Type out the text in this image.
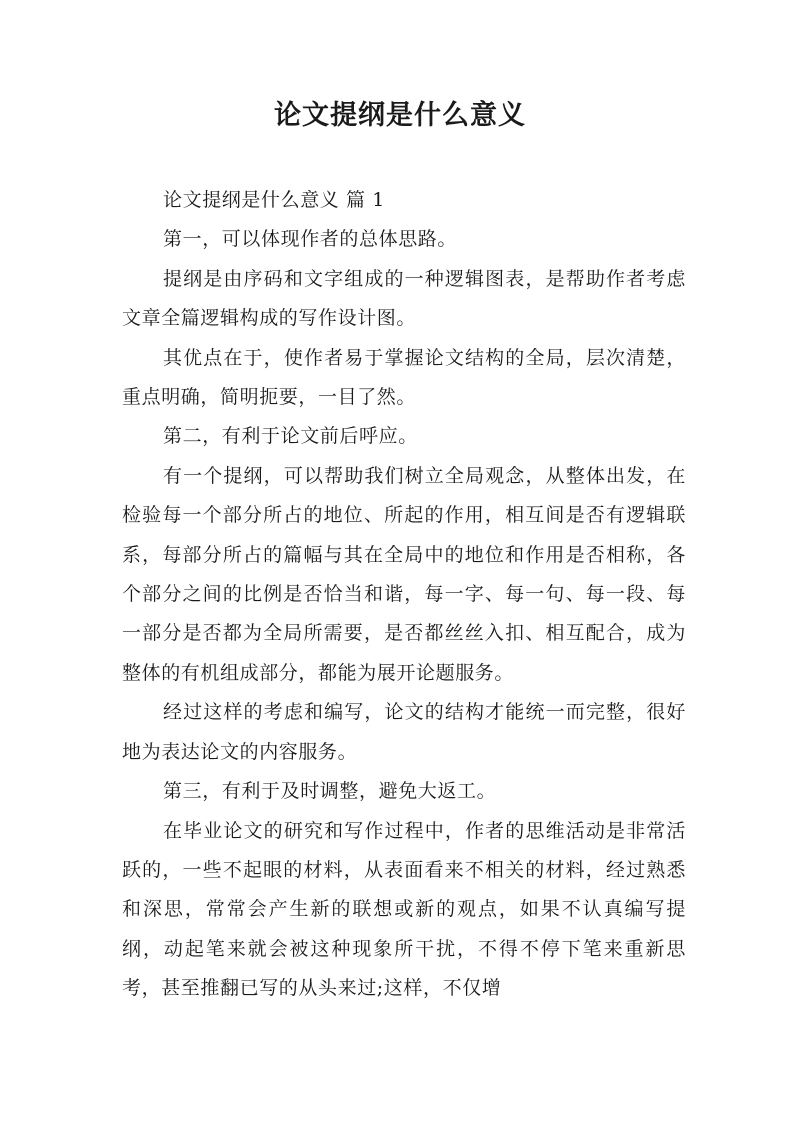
论文提纲是什么意义

论文提纲是什么意义 篇 1

第一，可以体现作者的总体思路。

提纲是由序码和文字组成的一种逻辑图表，是帮助作者考虑文章全篇逻辑构成的写作设计图。

其优点在于，使作者易于掌握论文结构的全局，层次清楚，重点明确，简明扼要，一目了然。

第二，有利于论文前后呼应。

有一个提纲，可以帮助我们树立全局观念，从整体出发，在检验每一个部分所占的地位、所起的作用，相互间是否有逻辑联系，每部分所占的篇幅与其在全局中的地位和作用是否相称，各个部分之间的比例是否恰当和谐，每一字、每一句、每一段、每一部分是否都为全局所需要，是否都丝丝入扣、相互配合，成为整体的有机组成部分，都能为展开论题服务。

经过这样的考虑和编写，论文的结构才能统一而完整，很好地为表达论文的内容服务。

第三，有利于及时调整，避免大返工。

在毕业论文的研究和写作过程中，作者的思维活动是非常活跃的，一些不起眼的材料，从表面看来不相关的材料，经过熟悉和深思，常常会产生新的联想或新的观点，如果不认真编写提纲，动起笔来就会被这种现象所干扰，不得不停下笔来重新思考，甚至推翻已写的从头来过;这样，不仅增
